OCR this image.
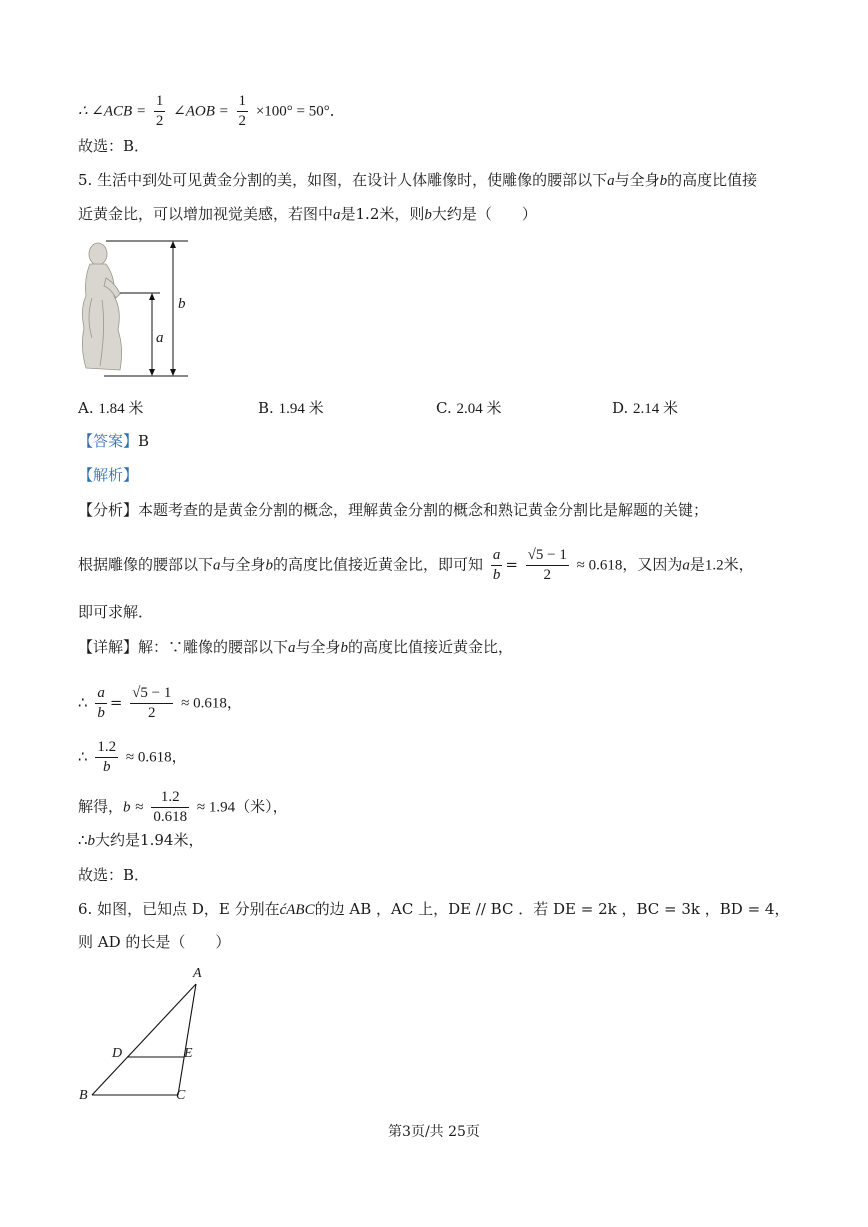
∴ ∠ACB = $\frac{1}{2}$ ∠AOB = $\frac{1}{2} \times 100^\circ = 50^\circ$．
故选：B．
5. 生活中到处可见黄金分割的美，如图，在设计人体雕像时，使雕像的腰部以下a与全身b的高度比值接
近黄金比，可以增加视觉美感，若图中a是1.2米，则b大约是（　　）
b
a
A. 1.84 米	B. 1.94 米	C. 2.04 米	D. 2.14 米
【答案】B
【解析】
【分析】本题考查的是黄金分割的概念，理解黄金分割的概念和熟记黄金分割比是解题的关键；
根据雕像的腰部以下a与全身b的高度比值接近黄金比，即可知 $\frac{a}{b} = \frac{√5 - 1}{2} \approx 0.618$，又因为a是1.2米，
即可求解．
【详解】解：∵雕像的腰部以下a与全身b的高度比值接近黄金比，
∴ $\frac{a}{b} = \frac{√5 - 1}{2} \approx 0.618$，
∴ $\frac{1.2}{b} \approx 0.618$，
解得，$b \approx \frac{1.2}{0.618} \approx 1.94$（米），
∴b大约是1.94米，
故选：B．
6. 如图，已知点 D，E 分别在ćABC的边 AB ，AC 上，DE // BC ．若 DE = 2k ，BC = 3k ，BD = 4，
则 AD 的长是（　　）
A
D	E
B	C
第3页/共 25页
